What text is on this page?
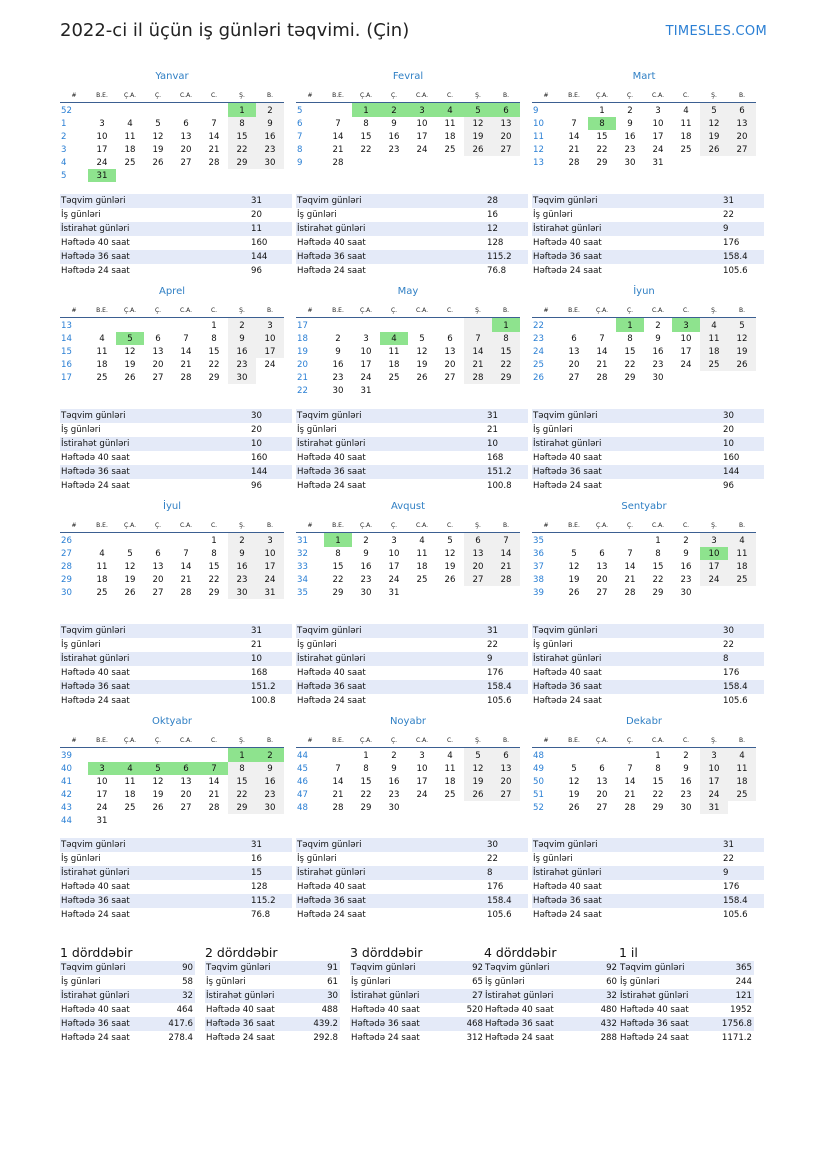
2022-ci il üçün iş günləri təqvimi. (Çin)	TIMESLES.COM
Yanvar
#	B.E.	Ç.A.	Ç.	C.A.	C.	Ş.	B.
52						1	2
1	3	4	5	6	7	8	9
2	10	11	12	13	14	15	16
3	17	18	19	20	21	22	23
4	24	25	26	27	28	29	30
5	31						
Təqvim günləri	31
İş günləri	20
İstirahət günləri	11
Həftədə 40 saat	160
Həftədə 36 saat	144
Həftədə 24 saat	96
Fevral
#	B.E.	Ç.A.	Ç.	C.A.	C.	Ş.	B.
5		1	2	3	4	5	6
6	7	8	9	10	11	12	13
7	14	15	16	17	18	19	20
8	21	22	23	24	25	26	27
9	28						
Təqvim günləri	28
İş günləri	16
İstirahət günləri	12
Həftədə 40 saat	128
Həftədə 36 saat	115.2
Həftədə 24 saat	76.8
Mart
#	B.E.	Ç.A.	Ç.	C.A.	C.	Ş.	B.
9		1	2	3	4	5	6
10	7	8	9	10	11	12	13
11	14	15	16	17	18	19	20
12	21	22	23	24	25	26	27
13	28	29	30	31			
Təqvim günləri	31
İş günləri	22
İstirahət günləri	9
Həftədə 40 saat	176
Həftədə 36 saat	158.4
Həftədə 24 saat	105.6
Aprel
#	B.E.	Ç.A.	Ç.	C.A.	C.	Ş.	B.
13					1	2	3
14	4	5	6	7	8	9	10
15	11	12	13	14	15	16	17
16	18	19	20	21	22	23	24
17	25	26	27	28	29	30	
Təqvim günləri	30
İş günləri	20
İstirahət günləri	10
Həftədə 40 saat	160
Həftədə 36 saat	144
Həftədə 24 saat	96
May
#	B.E.	Ç.A.	Ç.	C.A.	C.	Ş.	B.
17							1
18	2	3	4	5	6	7	8
19	9	10	11	12	13	14	15
20	16	17	18	19	20	21	22
21	23	24	25	26	27	28	29
22	30	31					
Təqvim günləri	31
İş günləri	21
İstirahət günləri	10
Həftədə 40 saat	168
Həftədə 36 saat	151.2
Həftədə 24 saat	100.8
İyun
#	B.E.	Ç.A.	Ç.	C.A.	C.	Ş.	B.
22			1	2	3	4	5
23	6	7	8	9	10	11	12
24	13	14	15	16	17	18	19
25	20	21	22	23	24	25	26
26	27	28	29	30			
Təqvim günləri	30
İş günləri	20
İstirahət günləri	10
Həftədə 40 saat	160
Həftədə 36 saat	144
Həftədə 24 saat	96
İyul
#	B.E.	Ç.A.	Ç.	C.A.	C.	Ş.	B.
26					1	2	3
27	4	5	6	7	8	9	10
28	11	12	13	14	15	16	17
29	18	19	20	21	22	23	24
30	25	26	27	28	29	30	31
Təqvim günləri	31
İş günləri	21
İstirahət günləri	10
Həftədə 40 saat	168
Həftədə 36 saat	151.2
Həftədə 24 saat	100.8
Avqust
#	B.E.	Ç.A.	Ç.	C.A.	C.	Ş.	B.
31	1	2	3	4	5	6	7
32	8	9	10	11	12	13	14
33	15	16	17	18	19	20	21
34	22	23	24	25	26	27	28
35	29	30	31				
Təqvim günləri	31
İş günləri	22
İstirahət günləri	9
Həftədə 40 saat	176
Həftədə 36 saat	158.4
Həftədə 24 saat	105.6
Sentyabr
#	B.E.	Ç.A.	Ç.	C.A.	C.	Ş.	B.
35				1	2	3	4
36	5	6	7	8	9	10	11
37	12	13	14	15	16	17	18
38	19	20	21	22	23	24	25
39	26	27	28	29	30		
Təqvim günləri	30
İş günləri	22
İstirahət günləri	8
Həftədə 40 saat	176
Həftədə 36 saat	158.4
Həftədə 24 saat	105.6
Oktyabr
#	B.E.	Ç.A.	Ç.	C.A.	C.	Ş.	B.
39						1	2
40	3	4	5	6	7	8	9
41	10	11	12	13	14	15	16
42	17	18	19	20	21	22	23
43	24	25	26	27	28	29	30
44	31						
Təqvim günləri	31
İş günləri	16
İstirahət günləri	15
Həftədə 40 saat	128
Həftədə 36 saat	115.2
Həftədə 24 saat	76.8
Noyabr
#	B.E.	Ç.A.	Ç.	C.A.	C.	Ş.	B.
44		1	2	3	4	5	6
45	7	8	9	10	11	12	13
46	14	15	16	17	18	19	20
47	21	22	23	24	25	26	27
48	28	29	30				
Təqvim günləri	30
İş günləri	22
İstirahət günləri	8
Həftədə 40 saat	176
Həftədə 36 saat	158.4
Həftədə 24 saat	105.6
Dekabr
#	B.E.	Ç.A.	Ç.	C.A.	C.	Ş.	B.
48				1	2	3	4
49	5	6	7	8	9	10	11
50	12	13	14	15	16	17	18
51	19	20	21	22	23	24	25
52	26	27	28	29	30	31	
Təqvim günləri	31
İş günləri	22
İstirahət günləri	9
Həftədə 40 saat	176
Həftədə 36 saat	158.4
Həftədə 24 saat	105.6
1 dörddəbir
Təqvim günləri	90
İş günləri	58
İstirahət günləri	32
Həftədə 40 saat	464
Həftədə 36 saat	417.6
Həftədə 24 saat	278.4
2 dörddəbir
Təqvim günləri	91
İş günləri	61
İstirahət günləri	30
Həftədə 40 saat	488
Həftədə 36 saat	439.2
Həftədə 24 saat	292.8
3 dörddəbir
Təqvim günləri	92
İş günləri	65
İstirahət günləri	27
Həftədə 40 saat	520
Həftədə 36 saat	468
Həftədə 24 saat	312
4 dörddəbir
Təqvim günləri	92
İş günləri	60
İstirahət günləri	32
Həftədə 40 saat	480
Həftədə 36 saat	432
Həftədə 24 saat	288
1 il
Təqvim günləri	365
İş günləri	244
İstirahət günləri	121
Həftədə 40 saat	1952
Həftədə 36 saat	1756.8
Həftədə 24 saat	1171.2
